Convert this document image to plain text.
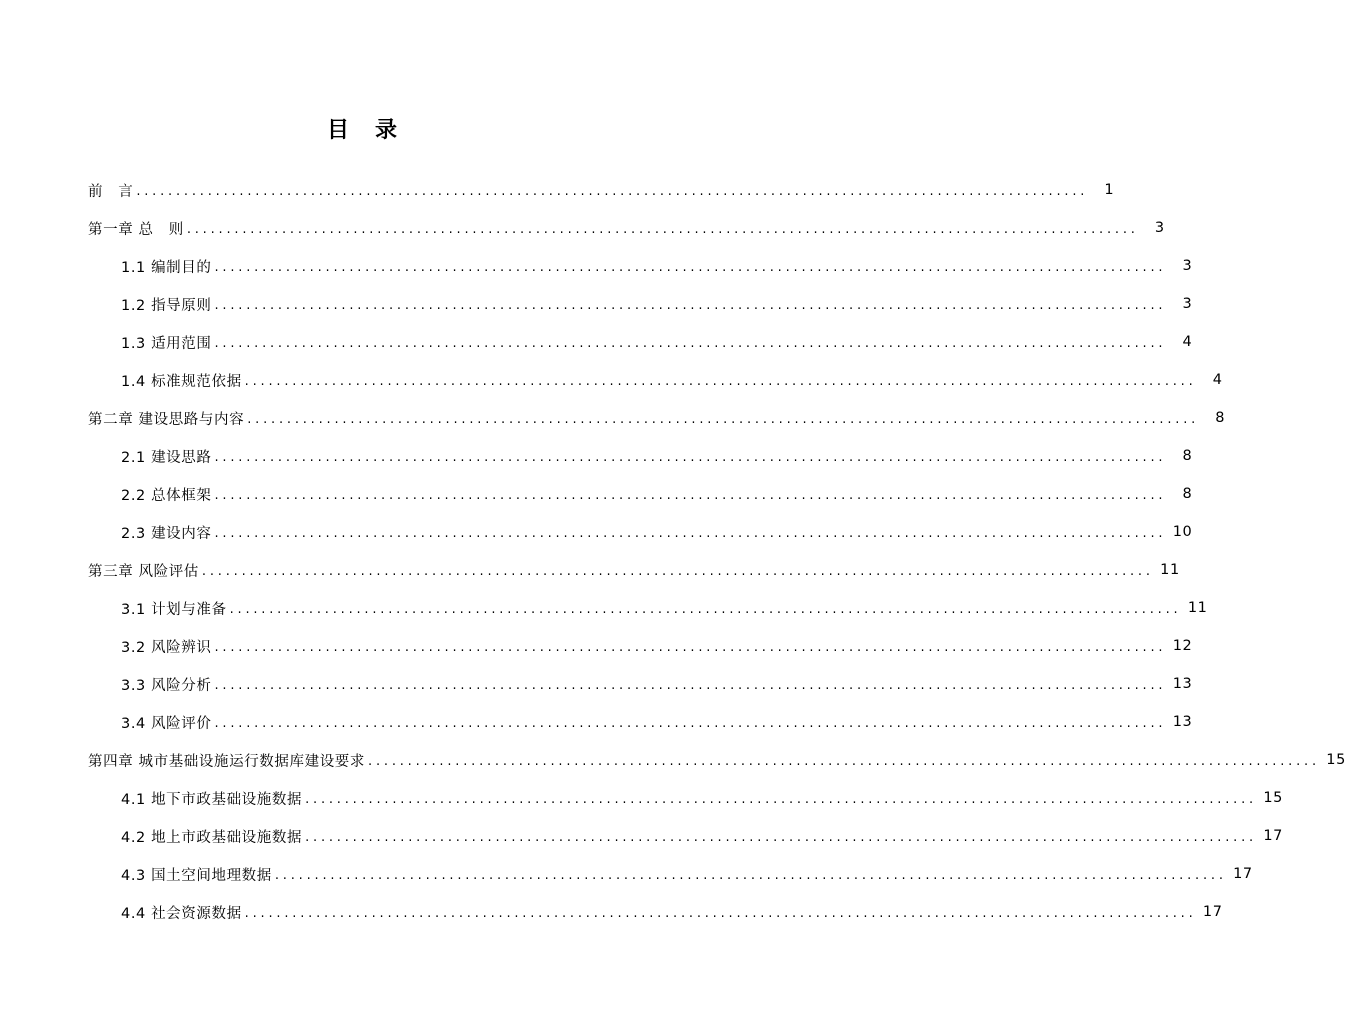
目 录
前　言 ........................................................................................................................	1
第一章 总　则 ........................................................................................................................	3
1.1 编制目的 ........................................................................................................................	3
1.2 指导原则 ........................................................................................................................	3
1.3 适用范围 ........................................................................................................................	4
1.4 标准规范依据 ........................................................................................................................	4
第二章 建设思路与内容 ........................................................................................................................	8
2.1 建设思路 ........................................................................................................................	8
2.2 总体框架 ........................................................................................................................	8
2.3 建设内容 ........................................................................................................................ 10
第三章 风险评估 ........................................................................................................................ 11
3.1 计划与准备 ........................................................................................................................ 11
3.2 风险辨识 ........................................................................................................................ 12
3.3 风险分析 ........................................................................................................................ 13
3.4 风险评价 ........................................................................................................................ 13
第四章 城市基础设施运行数据库建设要求 ........................................................................................................................ 15
4.1 地下市政基础设施数据 ........................................................................................................................ 15
4.2 地上市政基础设施数据 ........................................................................................................................ 17
4.3 国土空间地理数据 ........................................................................................................................ 17
4.4 社会资源数据 ........................................................................................................................ 17
